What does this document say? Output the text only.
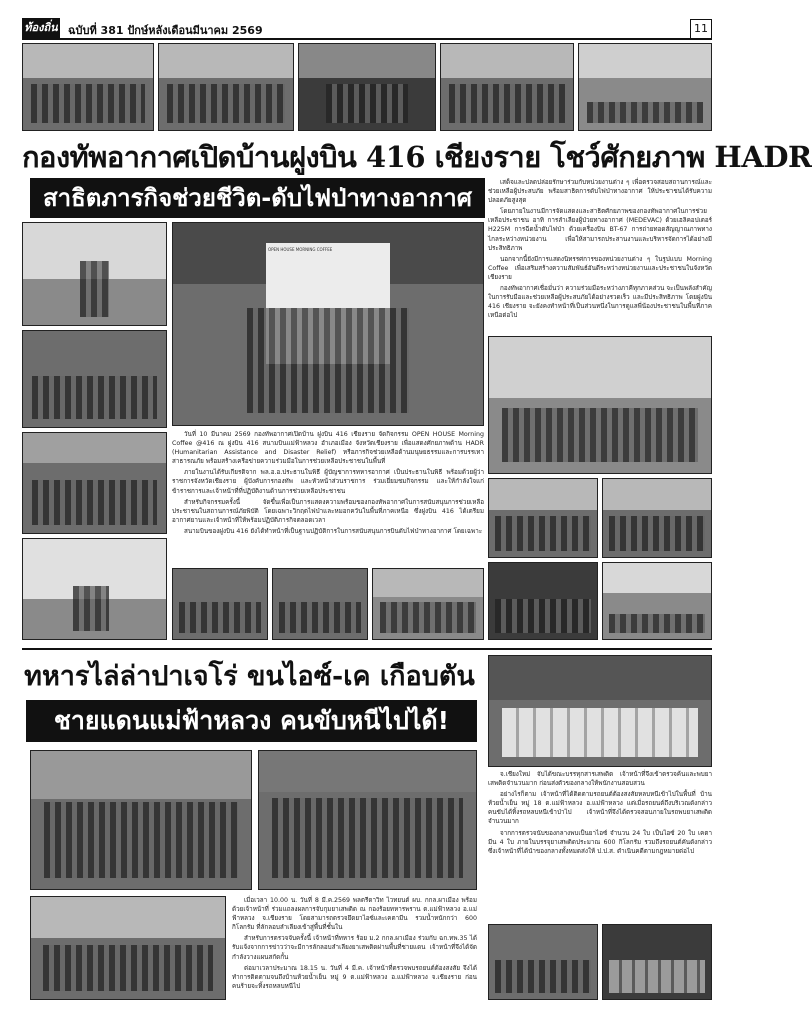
ท้องถิ่น ฉบับที่ 381 ปักษ์หลังเดือนมีนาคม 2569	11
กองทัพอากาศเปิดบ้านฝูงบิน 416 เชียงราย โชว์ศักยภาพ HADR
สาธิตภารกิจช่วยชีวิต-ดับไฟป่าทางอากาศ

เสด็จและปลดปล่อยรักษาร่วมกับหน่วยงานต่าง ๆ เพื่อตรวจสอบสถานการณ์และช่วยเหลือผู้ประสบภัย พร้อมสาธิตการดับไฟป่าทางอากาศ ให้ประชาชนได้รับความปลอดภัยสูงสุด

โดยภายในงานมีการจัดแสดงและสาธิตศักยภาพของกองทัพอากาศในการช่วยเหลือประชาชน อาทิ การลำเลียงผู้ป่วยทางอากาศ (MEDEVAC) ด้วยเฮลิคอปเตอร์ H225M การฉีดน้ำดับไฟป่า ด้วยเครื่องบิน BT-67 การถ่ายทอดสัญญาณภาพทางไกลระหว่างหน่วยงาน เพื่อให้สามารถประสานงานและบริหารจัดการได้อย่างมีประสิทธิภาพ

นอกจากนี้ยังมีการแสดงนิทรรศการของหน่วยงานต่าง ๆ ในรูปแบบ Morning Coffee เพื่อเสริมสร้างความสัมพันธ์อันดีระหว่างหน่วยงานและประชาชนในจังหวัดเชียงราย

กองทัพอากาศเชื่อมั่นว่า ความร่วมมือระหว่างภาคีทุกภาคส่วน จะเป็นพลังสำคัญในการรับมือและช่วยเหลือผู้ประสบภัยได้อย่างรวดเร็ว และมีประสิทธิภาพ โดยฝูงบิน 416 เชียงราย จะยังคงทำหน้าที่เป็นส่วนหนึ่งในการดูแลพี่น้องประชาชนในพื้นที่ภาคเหนือต่อไป

OPEN HOUSE MORNING COFFEE

วันที่ 10 มีนาคม 2569 กองทัพอากาศเปิดบ้าน ฝูงบิน 416 เชียงราย จัดกิจกรรม OPEN HOUSE Morning Coffee @416 ณ ฝูงบิน 416 สนามบินแม่ฟ้าหลวง อำเภอเมือง จังหวัดเชียงราย เพื่อแสดงศักยภาพด้าน HADR (Humanitarian Assistance and Disaster Relief) หรือภารกิจช่วยเหลือด้านมนุษยธรรมและการบรรเทาสาธารณภัย พร้อมสร้างเครือข่ายความร่วมมือในการช่วยเหลือประชาชนในพื้นที่

ภายในงานได้รับเกียรติจาก พล.อ.อ.ประธานในพิธี ผู้บัญชาการทหารอากาศ เป็นประธานในพิธี พร้อมด้วยผู้ว่าราชการจังหวัดเชียงราย ผู้บังคับการกองทัพ และหัวหน้าส่วนราชการ ร่วมเยี่ยมชมกิจกรรม และให้กำลังใจแก่ข้าราชการและเจ้าหน้าที่ที่ปฏิบัติงานด้านการช่วยเหลือประชาชน

สำหรับกิจกรรมครั้งนี้ จัดขึ้นเพื่อเป็นการแสดงความพร้อมของกองทัพอากาศในการสนับสนุนการช่วยเหลือประชาชนในสถานการณ์ภัยพิบัติ โดยเฉพาะวิกฤตไฟป่าและหมอกควันในพื้นที่ภาคเหนือ ซึ่งฝูงบิน 416 ได้เตรียมอากาศยานและเจ้าหน้าที่ให้พร้อมปฏิบัติภารกิจตลอดเวลา

สนามบินของฝูงบิน 416 ยังได้ทำหน้าที่เป็นฐานปฏิบัติการในการสนับสนุนการบินดับไฟป่าทางอากาศ โดยเฉพาะ

ทหารไล่ล่าปาเจโร่ ขนไอซ์-เค เกือบตัน
ชายแดนแม่ฟ้าหลวง คนขับหนีไปได้!

จ.เชียงใหม่ จับได้ขณะบรรทุกสารเสพติด เจ้าหน้าที่จึงเข้าตรวจค้นและพบยาเสพติดจำนวนมาก ก่อนส่งตัวของกลางให้พนักงานสอบสวน

อย่างไรก็ตาม เจ้าหน้าที่ได้ติดตามรถยนต์ต้องสงสัยหลบหนีเข้าไปในพื้นที่ บ้านห้วยน้ำเย็น หมู่ 18 ต.แม่ฟ้าหลวง อ.แม่ฟ้าหลวง แต่เมื่อรถยนต์ถึงบริเวณดังกล่าว คนขับได้ทิ้งรถหลบหนีเข้าป่าไป เจ้าหน้าที่จึงได้ตรวจสอบภายในรถพบยาเสพติดจำนวนมาก

จากการตรวจนับของกลางพบเป็นยาไอซ์ จำนวน 24 ใบ เป็นไอซ์ 20 ใบ เคตามีน 4 ใบ ภายในบรรจุยาเสพติดประมาณ 600 กิโลกรัม รวมถึงรถยนต์คันดังกล่าว ซึ่งเจ้าหน้าที่ได้นำของกลางทั้งหมดส่งให้ ป.ป.ส. ดำเนินคดีตามกฎหมายต่อไป

เมื่อเวลา 10.00 น. วันที่ 8 มี.ค.2569 พลตรีดาวิท ไวทยนต์ ผบ. กกล.ผาเมือง พร้อมด้วยเจ้าหน้าที่ ร่วมแถลงผลการจับกุมยาเสพติด ณ กองร้อยทหารพราน ต.แม่ฟ้าหลวง อ.แม่ฟ้าหลวง จ.เชียงราย โดยสามารถตรวจยึดยาไอซ์และเคตามีน รวมน้ำหนักกว่า 600 กิโลกรัม ที่ลักลอบลำเลียงเข้าสู่พื้นที่ชั้นใน

สำหรับการตรวจจับครั้งนี้ เจ้าหน้าที่ทหาร ร้อย ม.2 กกล.ผาเมือง ร่วมกับ ฉก.ทพ.35 ได้รับแจ้งจากการข่าวว่าจะมีการลักลอบลำเลียงยาเสพติดผ่านพื้นที่ชายแดน เจ้าหน้าที่จึงได้จัดกำลังวางแผนสกัดกั้น

ต่อมาเวลาประมาณ 18.15 น. วันที่ 4 มี.ค. เจ้าหน้าที่ตรวจพบรถยนต์ต้องสงสัย จึงได้ทำการติดตามจนถึงบ้านห้วยน้ำเย็น หมู่ 9 ต.แม่ฟ้าหลวง อ.แม่ฟ้าหลวง จ.เชียงราย ก่อนคนร้ายจะทิ้งรถหลบหนีไป
